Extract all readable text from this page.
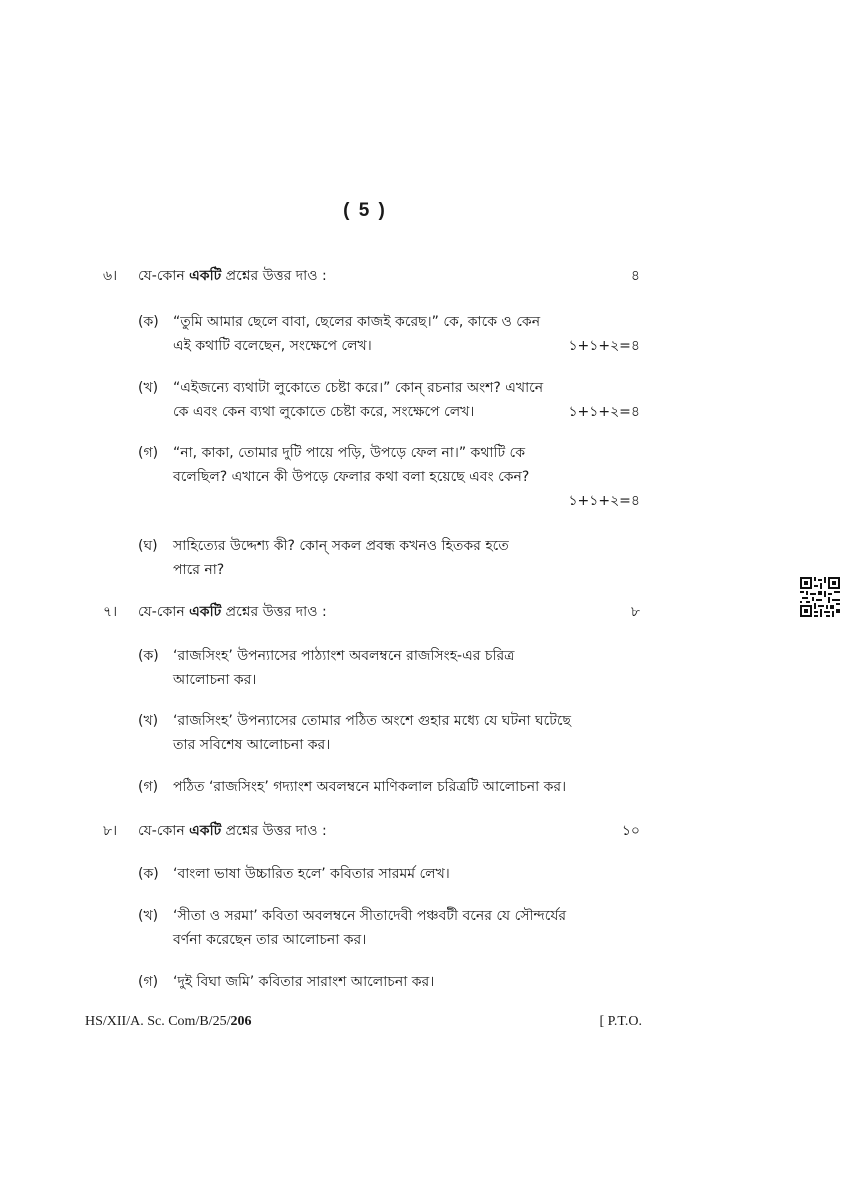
( 5 )
৬। যে-কোন একটি প্রশ্নের উত্তর দাও :	৪
(ক) “তুমি আমার ছেলে বাবা, ছেলের কাজই করেছ।” কে, কাকে ও কেন
এই কথাটি বলেছেন, সংক্ষেপে লেখ।	১+১+২=৪
(খ) “এইজন্যে ব্যথাটা লুকোতে চেষ্টা করে।” কোন্ রচনার অংশ? এখানে
কে এবং কেন ব্যথা লুকোতে চেষ্টা করে, সংক্ষেপে লেখ।	১+১+২=৪
(গ) “না, কাকা, তোমার দুটি পায়ে পড়ি, উপড়ে ফেল না।” কথাটি কে
বলেছিল? এখানে কী উপড়ে ফেলার কথা বলা হয়েছে এবং কেন?
১+১+২=৪
(ঘ) সাহিত্যের উদ্দেশ্য কী? কোন্ সকল প্রবন্ধ কখনও হিতকর হতে
পারে না?
৭। যে-কোন একটি প্রশ্নের উত্তর দাও :	৮
(ক) ‘রাজসিংহ’ উপন্যাসের পাঠ্যাংশ অবলম্বনে রাজসিংহ-এর চরিত্র
আলোচনা কর।
(খ) ‘রাজসিংহ’ উপন্যাসের তোমার পঠিত অংশে গুহার মধ্যে যে ঘটনা ঘটেছে
তার সবিশেষ আলোচনা কর।
(গ) পঠিত ‘রাজসিংহ’ গদ্যাংশ অবলম্বনে মাণিকলাল চরিত্রটি আলোচনা কর।
৮। যে-কোন একটি প্রশ্নের উত্তর দাও :	১০
(ক) ‘বাংলা ভাষা উচ্চারিত হলে’ কবিতার সারমর্ম লেখ।
(খ) ‘সীতা ও সরমা’ কবিতা অবলম্বনে সীতাদেবী পঞ্চবটী বনের যে সৌন্দর্যের
বর্ণনা করেছেন তার আলোচনা কর।
(গ) ‘দুই বিঘা জমি’ কবিতার সারাংশ আলোচনা কর।
HS/XII/A. Sc. Com/B/25/206	[ P.T.O.
